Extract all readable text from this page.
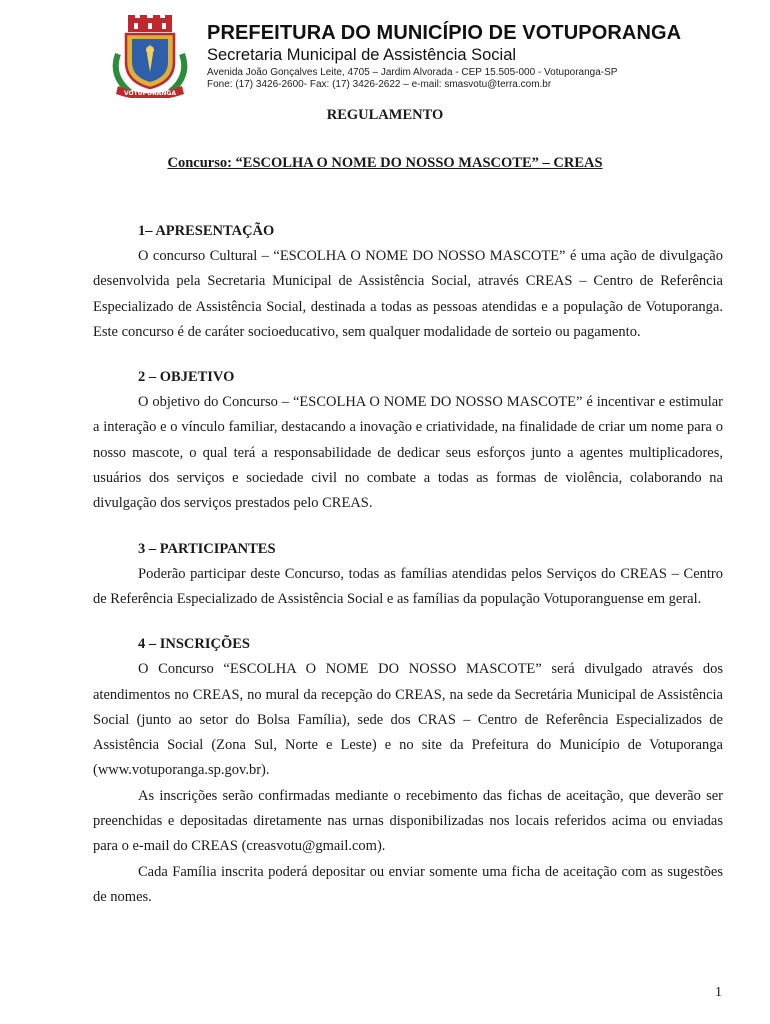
VOTUPORANGA

PREFEITURA DO MUNICÍPIO DE VOTUPORANGA

Secretaria Municipal de Assistência Social

Avenida João Gonçalves Leite, 4705 – Jardim Alvorada - CEP 15.505-000 - Votuporanga-SP

Fone: (17) 3426-2600- Fax: (17) 3426-2622 – e-mail: smasvotu@terra.com.br

REGULAMENTO
Concurso: “ESCOLHA O NOME DO NOSSO MASCOTE” – CREAS

1– APRESENTAÇÃO

O concurso Cultural – “ESCOLHA O NOME DO NOSSO MASCOTE” é uma ação de divulgação desenvolvida pela Secretaria Municipal de Assistência Social, através CREAS – Centro de Referência Especializado de Assistência Social, destinada a todas as pessoas atendidas e a população de Votuporanga. Este concurso é de caráter socioeducativo, sem qualquer modalidade de sorteio ou pagamento.

2 – OBJETIVO

O objetivo do Concurso – “ESCOLHA O NOME DO NOSSO MASCOTE” é incentivar e estimular a interação e o vínculo familiar, destacando a inovação e criatividade, na finalidade de criar um nome para o nosso mascote, o qual terá a responsabilidade de dedicar seus esforços junto a agentes multiplicadores, usuários dos serviços e sociedade civil no combate a todas as formas de violência, colaborando na divulgação dos serviços prestados pelo CREAS.

3 – PARTICIPANTES

Poderão participar deste Concurso, todas as famílias atendidas pelos Serviços do CREAS – Centro de Referência Especializado de Assistência Social e as famílias da população Votuporanguense em geral.

4 – INSCRIÇÕES

O Concurso “ESCOLHA O NOME DO NOSSO MASCOTE” será divulgado através dos atendimentos no CREAS, no mural da recepção do CREAS, na sede da Secretária Municipal de Assistência Social (junto ao setor do Bolsa Família), sede dos CRAS – Centro de Referência Especializados de Assistência Social (Zona Sul, Norte e Leste) e no site da Prefeitura do Município de Votuporanga (www.votuporanga.sp.gov.br).

As inscrições serão confirmadas mediante o recebimento das fichas de aceitação, que deverão ser preenchidas e depositadas diretamente nas urnas disponibilizadas nos locais referidos acima ou enviadas para o e-mail do CREAS (creasvotu@gmail.com).

Cada Família inscrita poderá depositar ou enviar somente uma ficha de aceitação com as sugestões de nomes.

1
